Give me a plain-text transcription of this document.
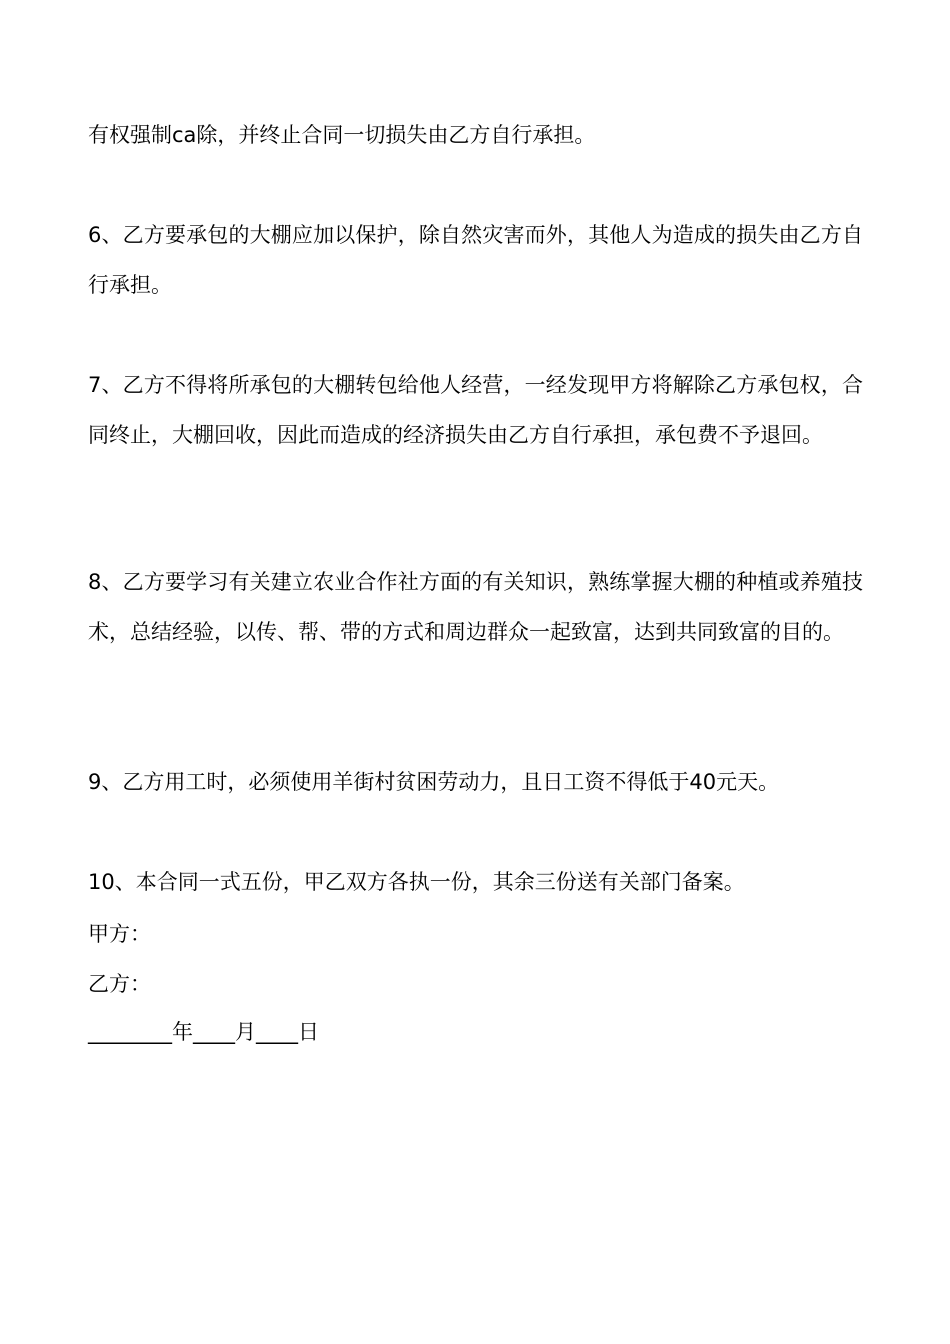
有权强制ca除，并终止合同一切损失由乙方自行承担。

6、乙方要承包的大棚应加以保护，除自然灾害而外，其他人为造成的损失由乙方自行承担。

7、乙方不得将所承包的大棚转包给他人经营，一经发现甲方将解除乙方承包权，合同终止，大棚回收，因此而造成的经济损失由乙方自行承担，承包费不予退回。

8、乙方要学习有关建立农业合作社方面的有关知识，熟练掌握大棚的种植或养殖技术，总结经验，以传、帮、带的方式和周边群众一起致富，达到共同致富的目的。

9、乙方用工时，必须使用羊街村贫困劳动力，且日工资不得低于40元天。

10、本合同一式五份，甲乙双方各执一份，其余三份送有关部门备案。

甲方：

乙方：

________年____月____日
